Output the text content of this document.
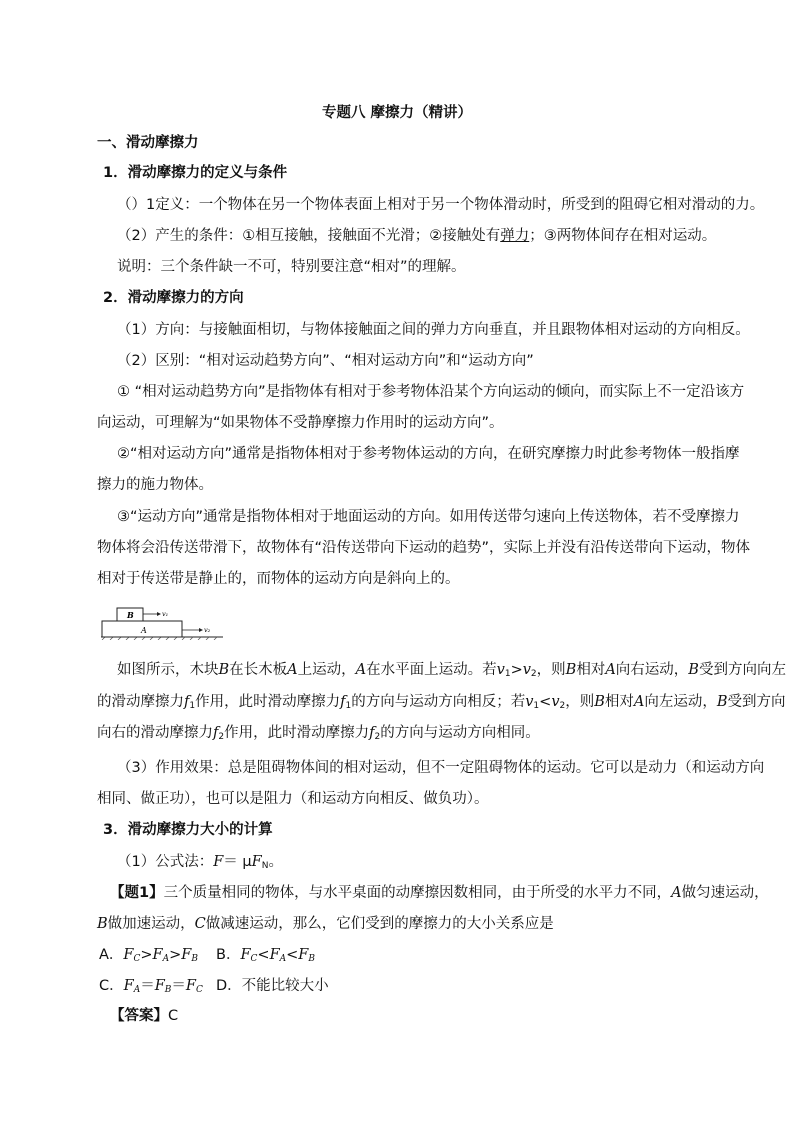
专题八 摩擦力（精讲）
一、滑动摩擦力
1．滑动摩擦力的定义与条件
（）1定义：一个物体在另一个物体表面上相对于另一个物体滑动时，所受到的阻碍它相对滑动的力。
（2）产生的条件：①相互接触，接触面不光滑；②接触处有弹力；③两物体间存在相对运动。
说明：三个条件缺一不可，特别要注意“相对”的理解。
2．滑动摩擦力的方向
（1）方向：与接触面相切，与物体接触面之间的弹力方向垂直，并且跟物体相对运动的方向相反。
（2）区别：“相对运动趋势方向”、“相对运动方向”和“运动方向”
① “相对运动趋势方向”是指物体有相对于参考物体沿某个方向运动的倾向，而实际上不一定沿该方
向运动，可理解为“如果物体不受静摩擦力作用时的运动方向”。
②“相对运动方向”通常是指物体相对于参考物体运动的方向，在研究摩擦力时此参考物体一般指摩
擦力的施力物体。
③“运动方向”通常是指物体相对于地面运动的方向。如用传送带匀速向上传送物体，若不受摩擦力
物体将会沿传送带滑下，故物体有“沿传送带向下运动的趋势”，实际上并没有沿传送带向下运动，物体
相对于传送带是静止的，而物体的运动方向是斜向上的。
A
B	v₁
v₂
如图所示，木块B在长木板A上运动，A在水平面上运动。若$v_1>v_2$，则B相对A向右运动，B受到方向向左
的滑动摩擦力$f_1$作用，此时滑动摩擦力$f_1$的方向与运动方向相反；若$v_1<v_2$，则B相对A向左运动，B受到方向
向右的滑动摩擦力$f_2$作用，此时滑动摩擦力$f_2$的方向与运动方向相同。
（3）作用效果：总是阻碍物体间的相对运动，但不一定阻碍物体的运动。它可以是动力（和运动方向
相同、做正功），也可以是阻力（和运动方向相反、做负功）。
3．滑动摩擦力大小的计算
（1）公式法：$F= \mu F_N$。
【题1】三个质量相同的物体，与水平桌面的动摩擦因数相同，由于所受的水平力不同，A做匀速运动，
B做加速运动，C做减速运动，那么，它们受到的摩擦力的大小关系应是
A．$F_C>F_A>F_B$ B．$F_C<F_A<F_B$
C．$F_A=F_B=F_C$ D．不能比较大小
【答案】C
